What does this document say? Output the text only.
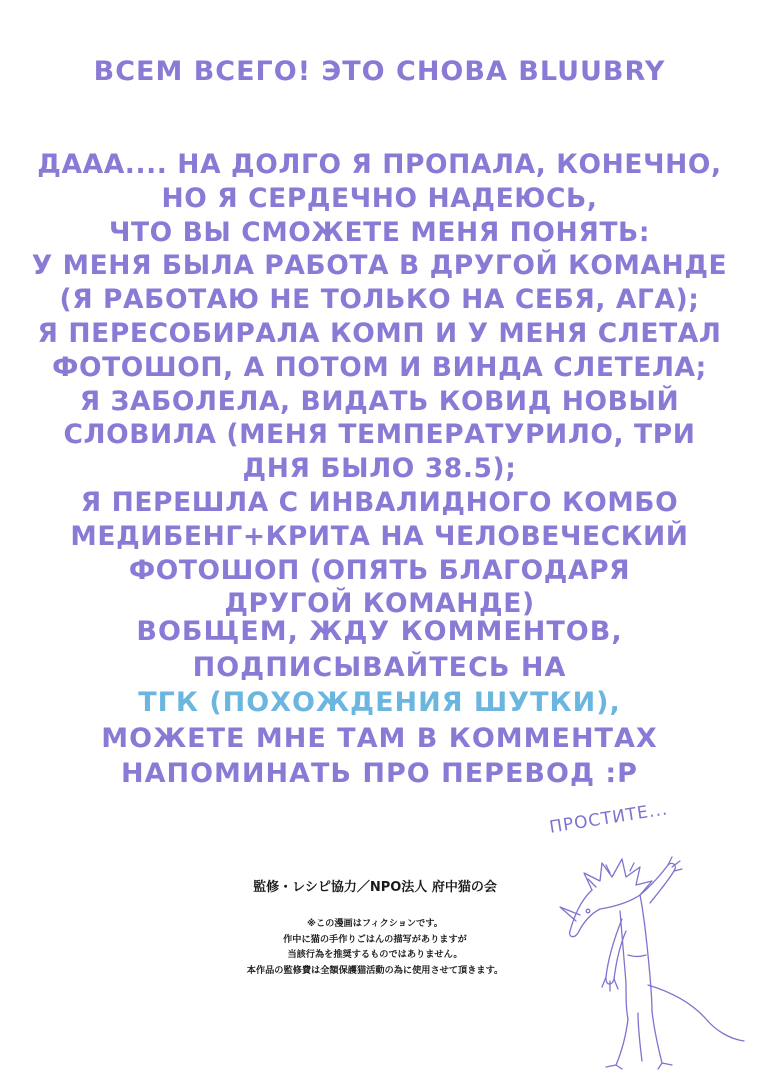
ВСЕМ ВСЕГО! ЭТО СНОВА BLUUBRY
ДААА.... НА ДОЛГО Я ПРОПАЛА, КОНЕЧНО,
НО Я СЕРДЕЧНО НАДЕЮСЬ,
ЧТО ВЫ СМОЖЕТЕ МЕНЯ ПОНЯТЬ:
У МЕНЯ БЫЛА РАБОТА В ДРУГОЙ КОМАНДЕ
(Я РАБОТАЮ НЕ ТОЛЬКО НА СЕБЯ, АГА);
Я ПЕРЕСОБИРАЛА КОМП И У МЕНЯ СЛЕТАЛ
ФОТОШОП, А ПОТОМ И ВИНДА СЛЕТЕЛА;
Я ЗАБОЛЕЛА, ВИДАТЬ КОВИД НОВЫЙ
СЛОВИЛА (МЕНЯ ТЕМПЕРАТУРИЛО, ТРИ
ДНЯ БЫЛО 38.5);
Я ПЕРЕШЛА С ИНВАЛИДНОГО КОМБО
МЕДИБЕНГ+КРИТА НА ЧЕЛОВЕЧЕСКИЙ
ФОТОШОП (ОПЯТЬ БЛАГОДАРЯ
ДРУГОЙ КОМАНДЕ)
ВОБЩЕМ, ЖДУ КОММЕНТОВ,
ПОДПИСЫВАЙТЕСЬ НА
ТГК (ПОХОЖДЕНИЯ ШУТКИ),
МОЖЕТЕ МНЕ ТАМ В КОММЕНТАХ
НАПОМИНАТЬ ПРО ПЕРЕВОД :P
監修・レシピ協力／NPO法人 府中猫の会
※この漫画はフィクションです。
作中に猫の手作りごはんの描写がありますが
当該行為を推奨するものではありません。
本作品の監修費は全額保護猫活動の為に使用させて頂きます。
ПРОСТИТЕ...
